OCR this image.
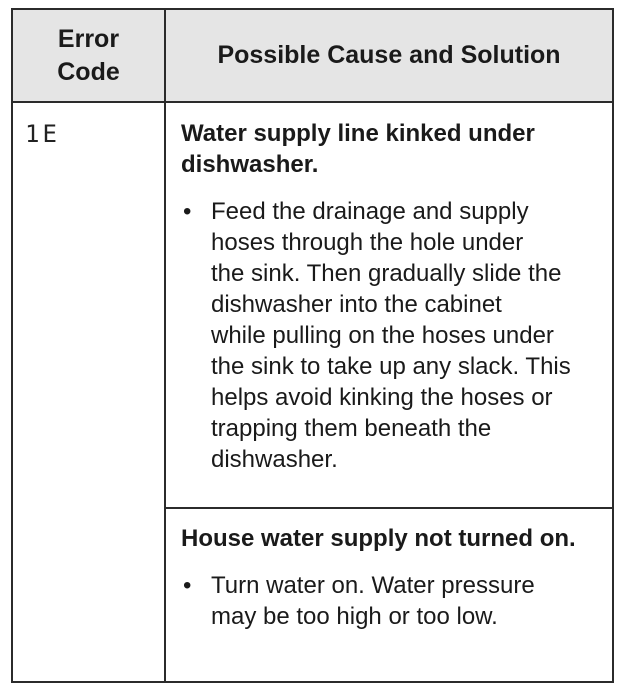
Error
Code
Possible Cause and Solution
1E	Water supply line kinked under dishwasher.

• Feed the drainage and supply
hoses through the hole under
the sink. Then gradually slide the
dishwasher into the cabinet
while pulling on the hoses under
the sink to take up any slack. This
helps avoid kinking the hoses or
trapping them beneath the
dishwasher.

House water supply not turned on.

• Turn water on. Water pressure
may be too high or too low.
